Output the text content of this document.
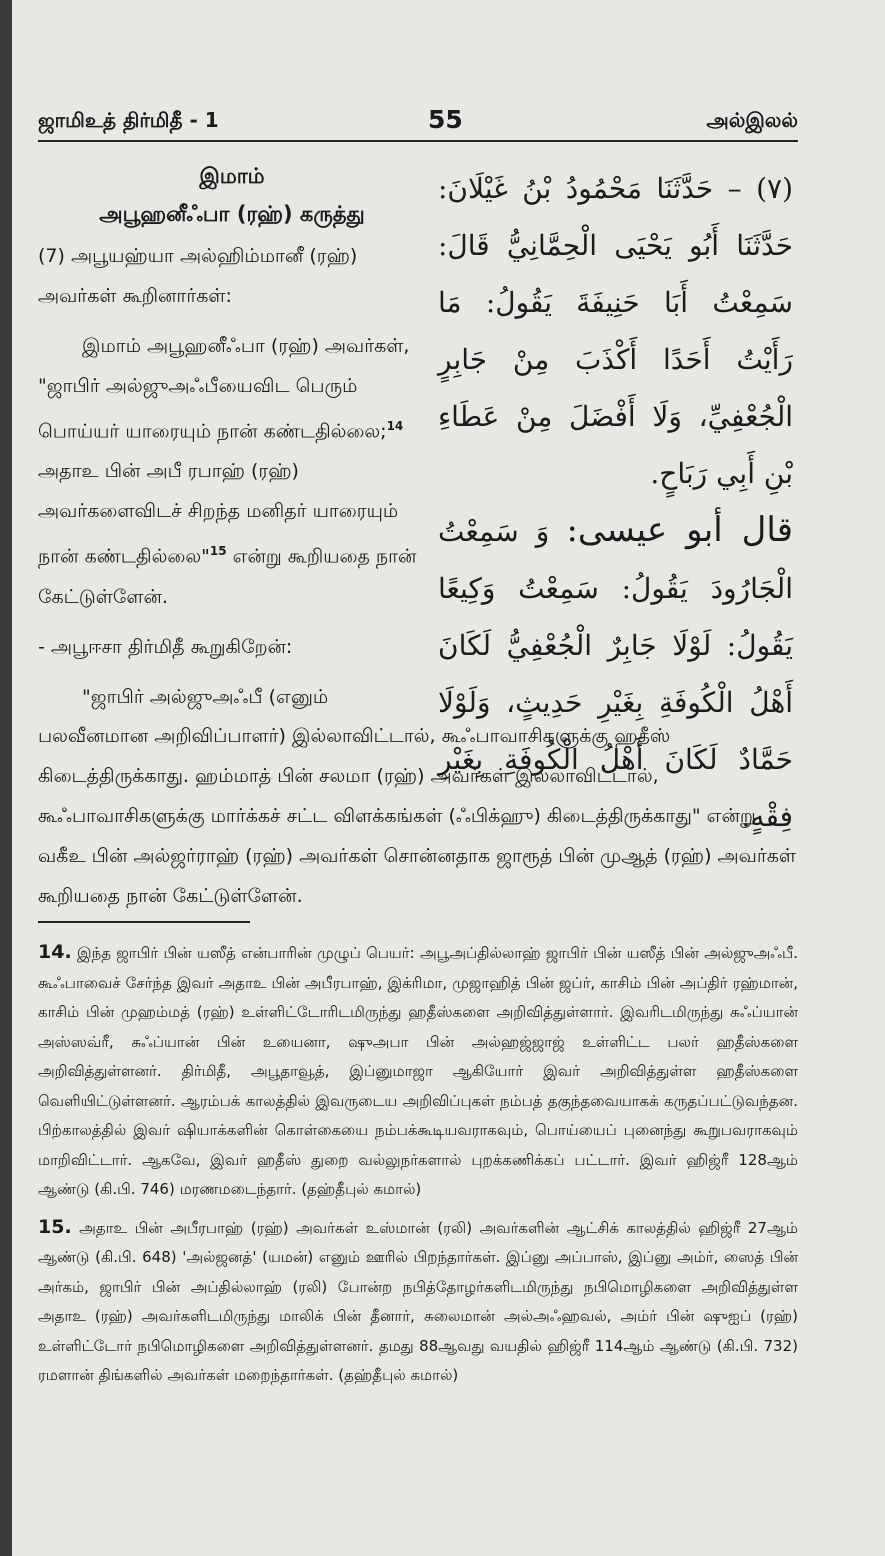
ஜாமிஉத் திர்மிதீ - 1	55	அல்இலல்
இமாம்
அபூஹனீஃபா (ரஹ்) கருத்து

(7) அபூயஹ்யா அல்ஹிம்மானீ (ரஹ்) அவர்கள் கூறினார்கள்:

இமாம் அபூஹனீஃபா (ரஹ்) அவர்கள், "ஜாபிர் அல்ஜுஅஃபீயைவிட பெரும் பொய்யர் யாரையும் நான் கண்டதில்லை;$^{14}$ அதாஉ பின் அபீ ரபாஹ் (ரஹ்) அவர்களைவிடச் சிறந்த மனிதர் யாரையும் நான் கண்டதில்லை"$^{15}$ என்று கூறியதை நான் கேட்டுள்ளேன்.

- அபூஈசா திர்மிதீ கூறுகிறேன்:

"ஜாபிர் அல்ஜுஅஃபீ (எனும்

(٧) – حَدَّثَنَا مَحْمُودُ بْنُ غَيْلَانَ: حَدَّثَنَا أَبُو يَحْيَى الْحِمَّانِيُّ قَالَ: سَمِعْتُ أَبَا حَنِيفَةَ يَقُولُ: مَا رَأَيْتُ أَحَدًا أَكْذَبَ مِنْ جَابِرٍ الْجُعْفِيِّ، وَلَا أَفْضَلَ مِنْ عَطَاءِ بْنِ أَبِي رَبَاحٍ.

قال أبو عيسى: وَ سَمِعْتُ الْجَارُودَ يَقُولُ: سَمِعْتُ وَكِيعًا يَقُولُ: لَوْلَا جَابِرٌ الْجُعْفِيُّ لَكَانَ أَهْلُ الْكُوفَةِ بِغَيْرِ حَدِيثٍ، وَلَوْلَا حَمَّادٌ لَكَانَ أَهْلُ الْكُوفَةِ بِغَيْرِ فِقْهٍ.

பலவீனமான அறிவிப்பாளர்) இல்லாவிட்டால், கூஃபாவாசிகளுக்கு ஹதீஸ் கிடைத்திருக்காது. ஹம்மாத் பின் சலமா (ரஹ்) அவர்கள் இல்லாவிட்டால், கூஃபாவாசிகளுக்கு மார்க்கச் சட்ட விளக்கங்கள் (ஃபிக்ஹு) கிடைத்திருக்காது" என்று வகீஉ பின் அல்ஜர்ராஹ் (ரஹ்) அவர்கள் சொன்னதாக ஜாரூத் பின் முஆத் (ரஹ்) அவர்கள் கூறியதை நான் கேட்டுள்ளேன்.

14. இந்த ஜாபிர் பின் யஸீத் என்பாரின் முழுப் பெயர்: அபூஅப்தில்லாஹ் ஜாபிர் பின் யஸீத் பின் அல்ஜுஅஃபீ. கூஃபாவைச் சேர்ந்த இவர் அதாஉ பின் அபீரபாஹ், இக்ரிமா, முஜாஹித் பின் ஜப்ர், காசிம் பின் அப்திர் ரஹ்மான், காசிம் பின் முஹம்மத் (ரஹ்) உள்ளிட்டோரிடமிருந்து ஹதீஸ்களை அறிவித்துள்ளார். இவரிடமிருந்து சுஃப்யான் அஸ்ஸவ்ரீ, சுஃப்யான் பின் உயைனா, ஷுஅபா பின் அல்ஹஜ்ஜாஜ் உள்ளிட்ட பலர் ஹதீஸ்களை அறிவித்துள்ளனர். திர்மிதீ, அபூதாவூத், இப்னுமாஜா ஆகியோர் இவர் அறிவித்துள்ள ஹதீஸ்களை வெளியிட்டுள்ளனர். ஆரம்பக் காலத்தில் இவருடைய அறிவிப்புகள் நம்பத் தகுந்தவையாகக் கருதப்பட்டுவந்தன. பிற்காலத்தில் இவர் ஷியாக்களின் கொள்கையை நம்பக்கூடியவராகவும், பொய்யைப் புனைந்து கூறுபவராகவும் மாறிவிட்டார். ஆகவே, இவர் ஹதீஸ் துறை வல்லுநர்களால் புறக்கணிக்கப் பட்டார். இவர் ஹிஜ்ரீ 128ஆம் ஆண்டு (கி.பி. 746) மரணமடைந்தார். (தஹ்தீபுல் கமால்)

15. அதாஉ பின் அபீரபாஹ் (ரஹ்) அவர்கள் உஸ்மான் (ரலி) அவர்களின் ஆட்சிக் காலத்தில் ஹிஜ்ரீ 27ஆம் ஆண்டு (கி.பி. 648) 'அல்ஜனத்' (யமன்) எனும் ஊரில் பிறந்தார்கள். இப்னு அப்பாஸ், இப்னு அம்ர், ஸைத் பின் அர்கம், ஜாபிர் பின் அப்தில்லாஹ் (ரலி) போன்ற நபித்தோழர்களிடமிருந்து நபிமொழிகளை அறிவித்துள்ள அதாஉ (ரஹ்) அவர்களிடமிருந்து மாலிக் பின் தீனார், சுலைமான் அல்அஃஹவல், அம்ர் பின் ஷுஐப் (ரஹ்) உள்ளிட்டோர் நபிமொழிகளை அறிவித்துள்ளனர். தமது 88ஆவது வயதில் ஹிஜ்ரீ 114ஆம் ஆண்டு (கி.பி. 732) ரமளான் திங்களில் அவர்கள் மறைந்தார்கள். (தஹ்தீபுல் கமால்)
